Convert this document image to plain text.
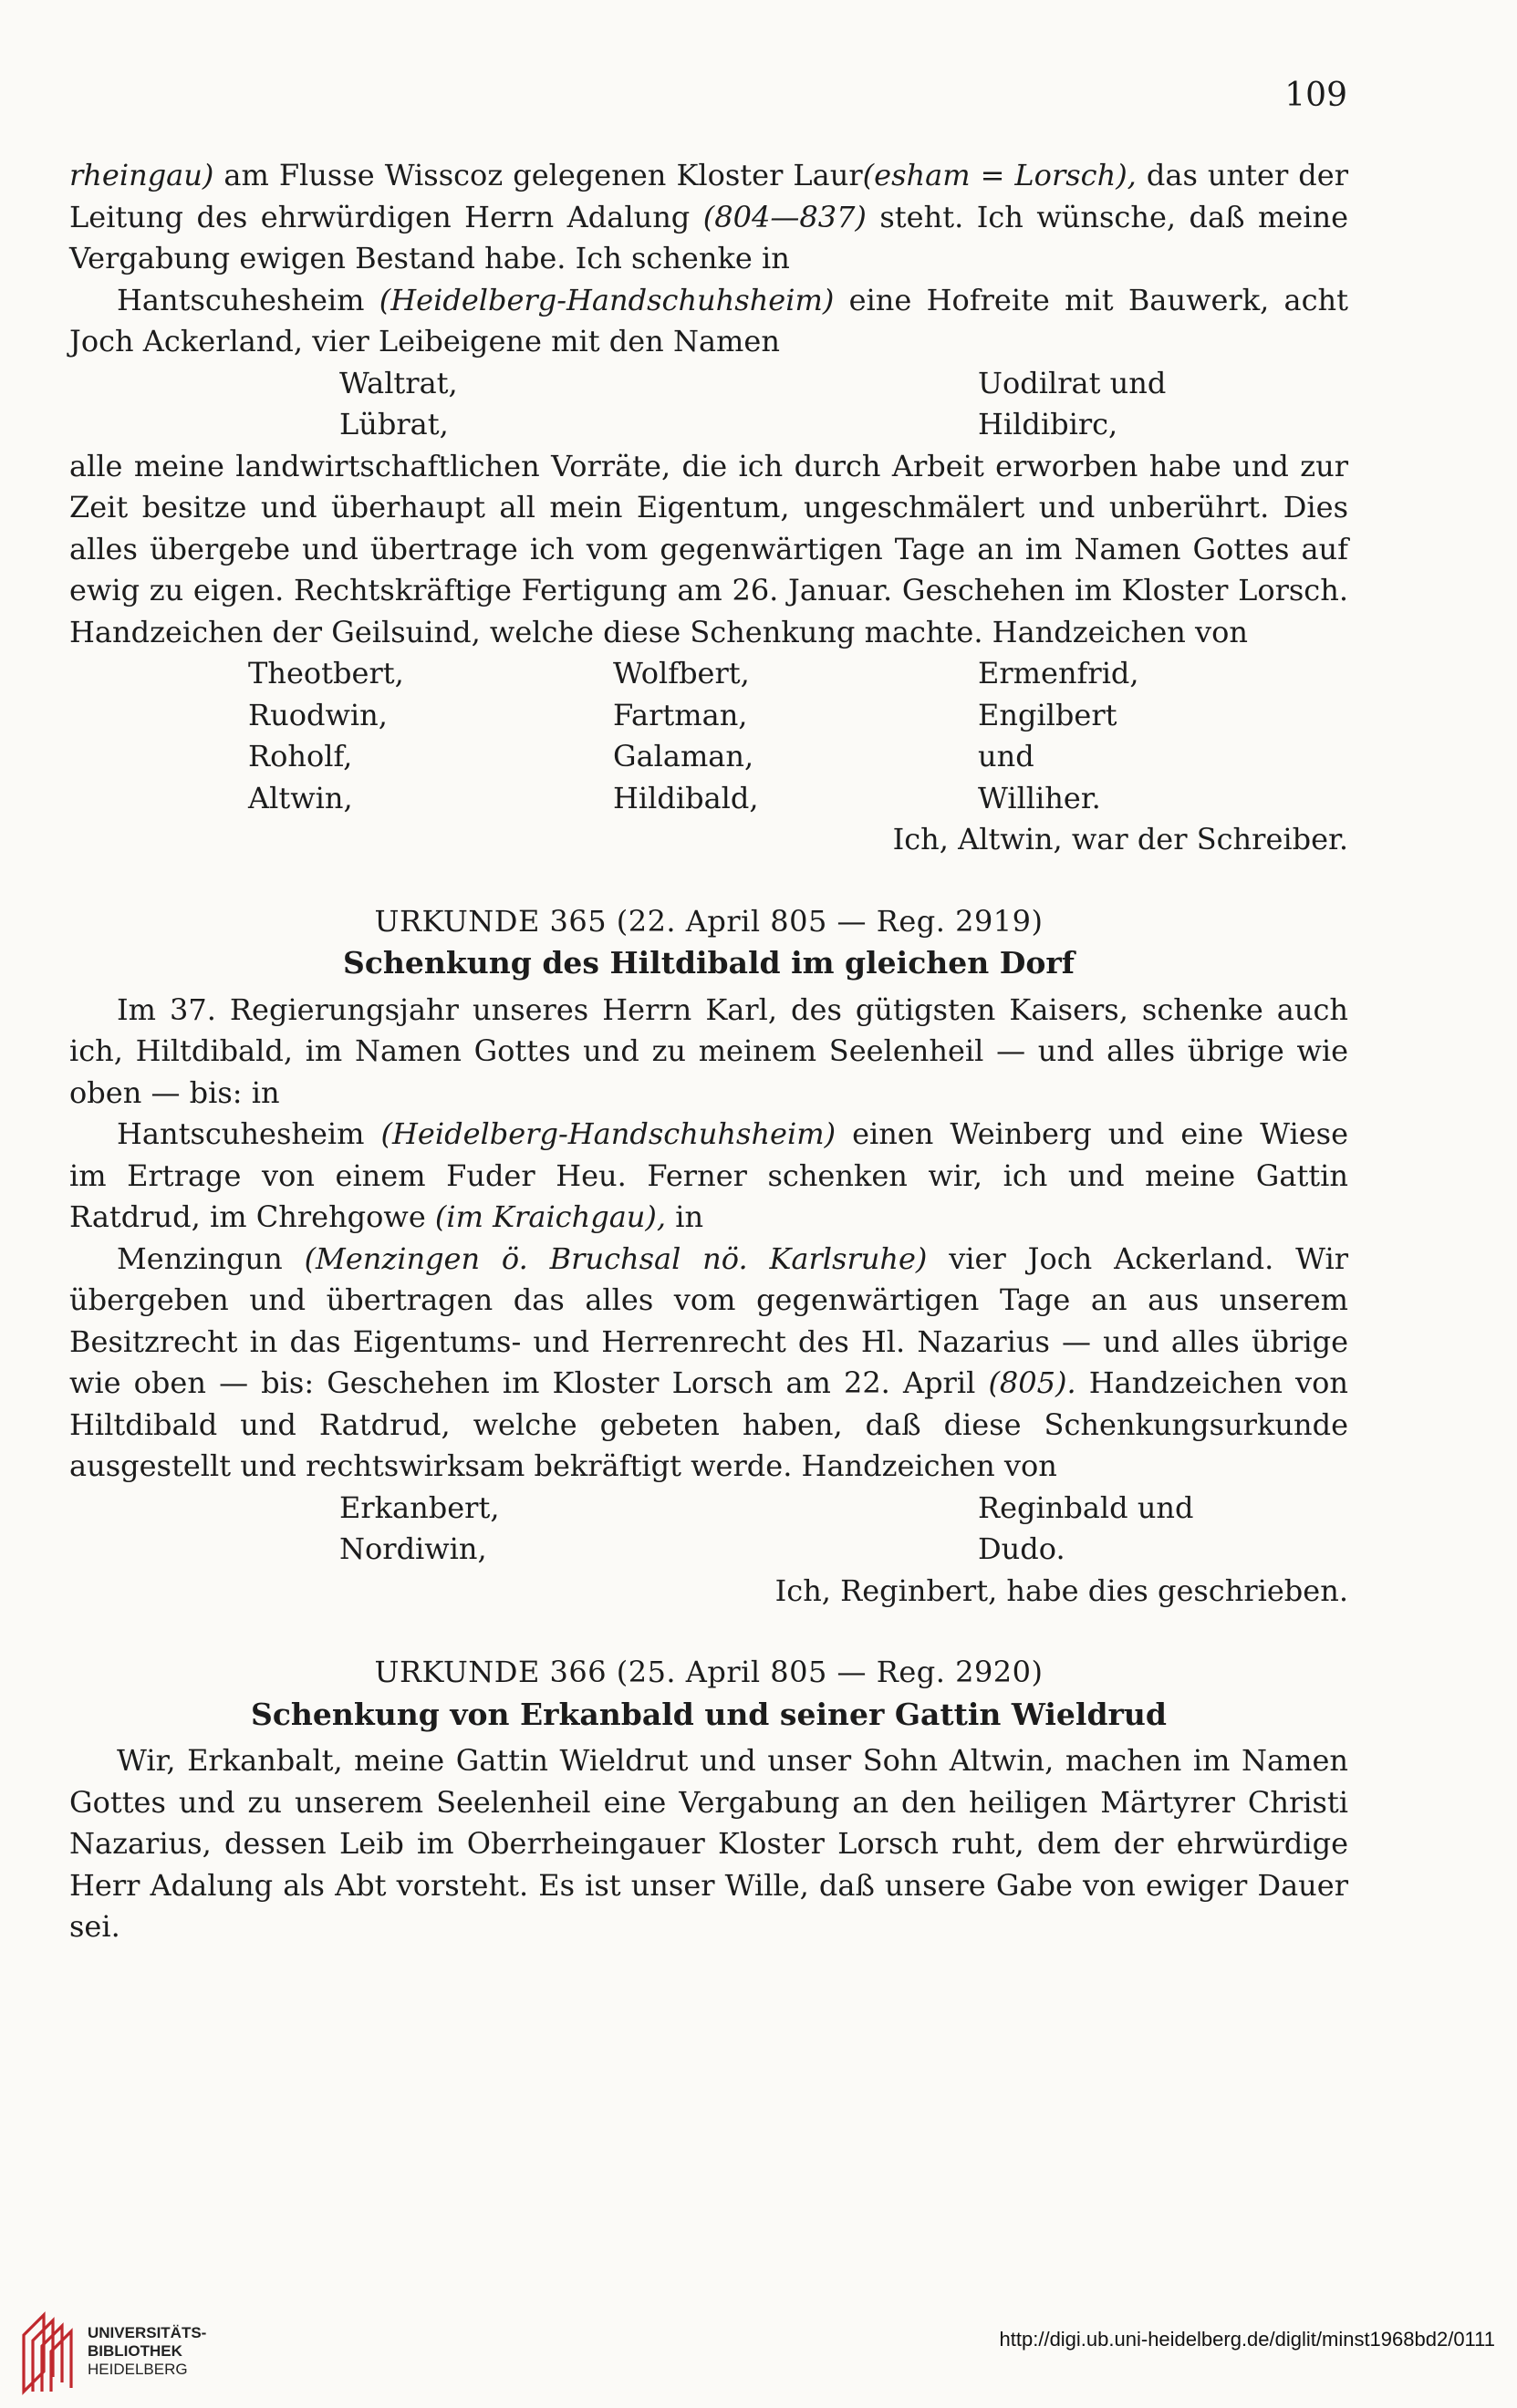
109

rheingau) am Flusse Wisscoz gelegenen Kloster Laur(esham = Lorsch), das unter der Leitung des ehrwürdigen Herrn Adalung (804—837) steht. Ich wünsche, daß meine Vergabung ewigen Bestand habe. Ich schenke in

Hantscuhesheim (Heidelberg-Handschuhsheim) eine Hofreite mit Bauwerk, acht Joch Ackerland, vier Leibeigene mit den Namen

Waltrat,	Uodilrat und
Lübrat,	Hildibirc,

alle meine landwirtschaftlichen Vorräte, die ich durch Arbeit erworben habe und zur Zeit besitze und überhaupt all mein Eigentum, ungeschmälert und unberührt. Dies alles übergebe und übertrage ich vom gegenwärtigen Tage an im Namen Gottes auf ewig zu eigen. Rechtskräftige Fertigung am 26. Januar. Geschehen im Kloster Lorsch. Handzeichen der Geilsuind, welche diese Schenkung machte. Handzeichen von

Theotbert,	Wolfbert,	Ermenfrid,
Ruodwin,	Fartman,	Engilbert
Roholf,	Galaman,	und
Altwin,	Hildibald,	Williher.
Ich, Altwin, war der Schreiber.
URKUNDE 365 (22. April 805 — Reg. 2919)
Schenkung des Hiltdibald im gleichen Dorf

Im 37. Regierungsjahr unseres Herrn Karl, des gütigsten Kaisers, schenke auch ich, Hiltdibald, im Namen Gottes und zu meinem Seelenheil — und alles übrige wie oben — bis: in

Hantscuhesheim (Heidelberg-Handschuhsheim) einen Weinberg und eine Wiese im Ertrage von einem Fuder Heu. Ferner schenken wir, ich und meine Gattin Ratdrud, im Chrehgowe (im Kraichgau), in

Menzingun (Menzingen ö. Bruchsal nö. Karlsruhe) vier Joch Ackerland. Wir übergeben und übertragen das alles vom gegenwärtigen Tage an aus unserem Besitzrecht in das Eigentums- und Herrenrecht des Hl. Nazarius — und alles übrige wie oben — bis: Geschehen im Kloster Lorsch am 22. April (805). Handzeichen von Hiltdibald und Ratdrud, welche gebeten haben, daß diese Schenkungsurkunde ausgestellt und rechtswirksam bekräftigt werde. Handzeichen von

Erkanbert,	Reginbald und
Nordiwin,	Dudo.
Ich, Reginbert, habe dies geschrieben.
URKUNDE 366 (25. April 805 — Reg. 2920)
Schenkung von Erkanbald und seiner Gattin Wieldrud

Wir, Erkanbalt, meine Gattin Wieldrut und unser Sohn Altwin, machen im Namen Gottes und zu unserem Seelenheil eine Vergabung an den heiligen Märtyrer Christi Nazarius, dessen Leib im Oberrheingauer Kloster Lorsch ruht, dem der ehrwürdige Herr Adalung als Abt vorsteht. Es ist unser Wille, daß unsere Gabe von ewiger Dauer sei.

UNIVERSITÄTS-
BIBLIOTHEK
HEIDELBERG
http://digi.ub.uni-heidelberg.de/diglit/minst1968bd2/0111
